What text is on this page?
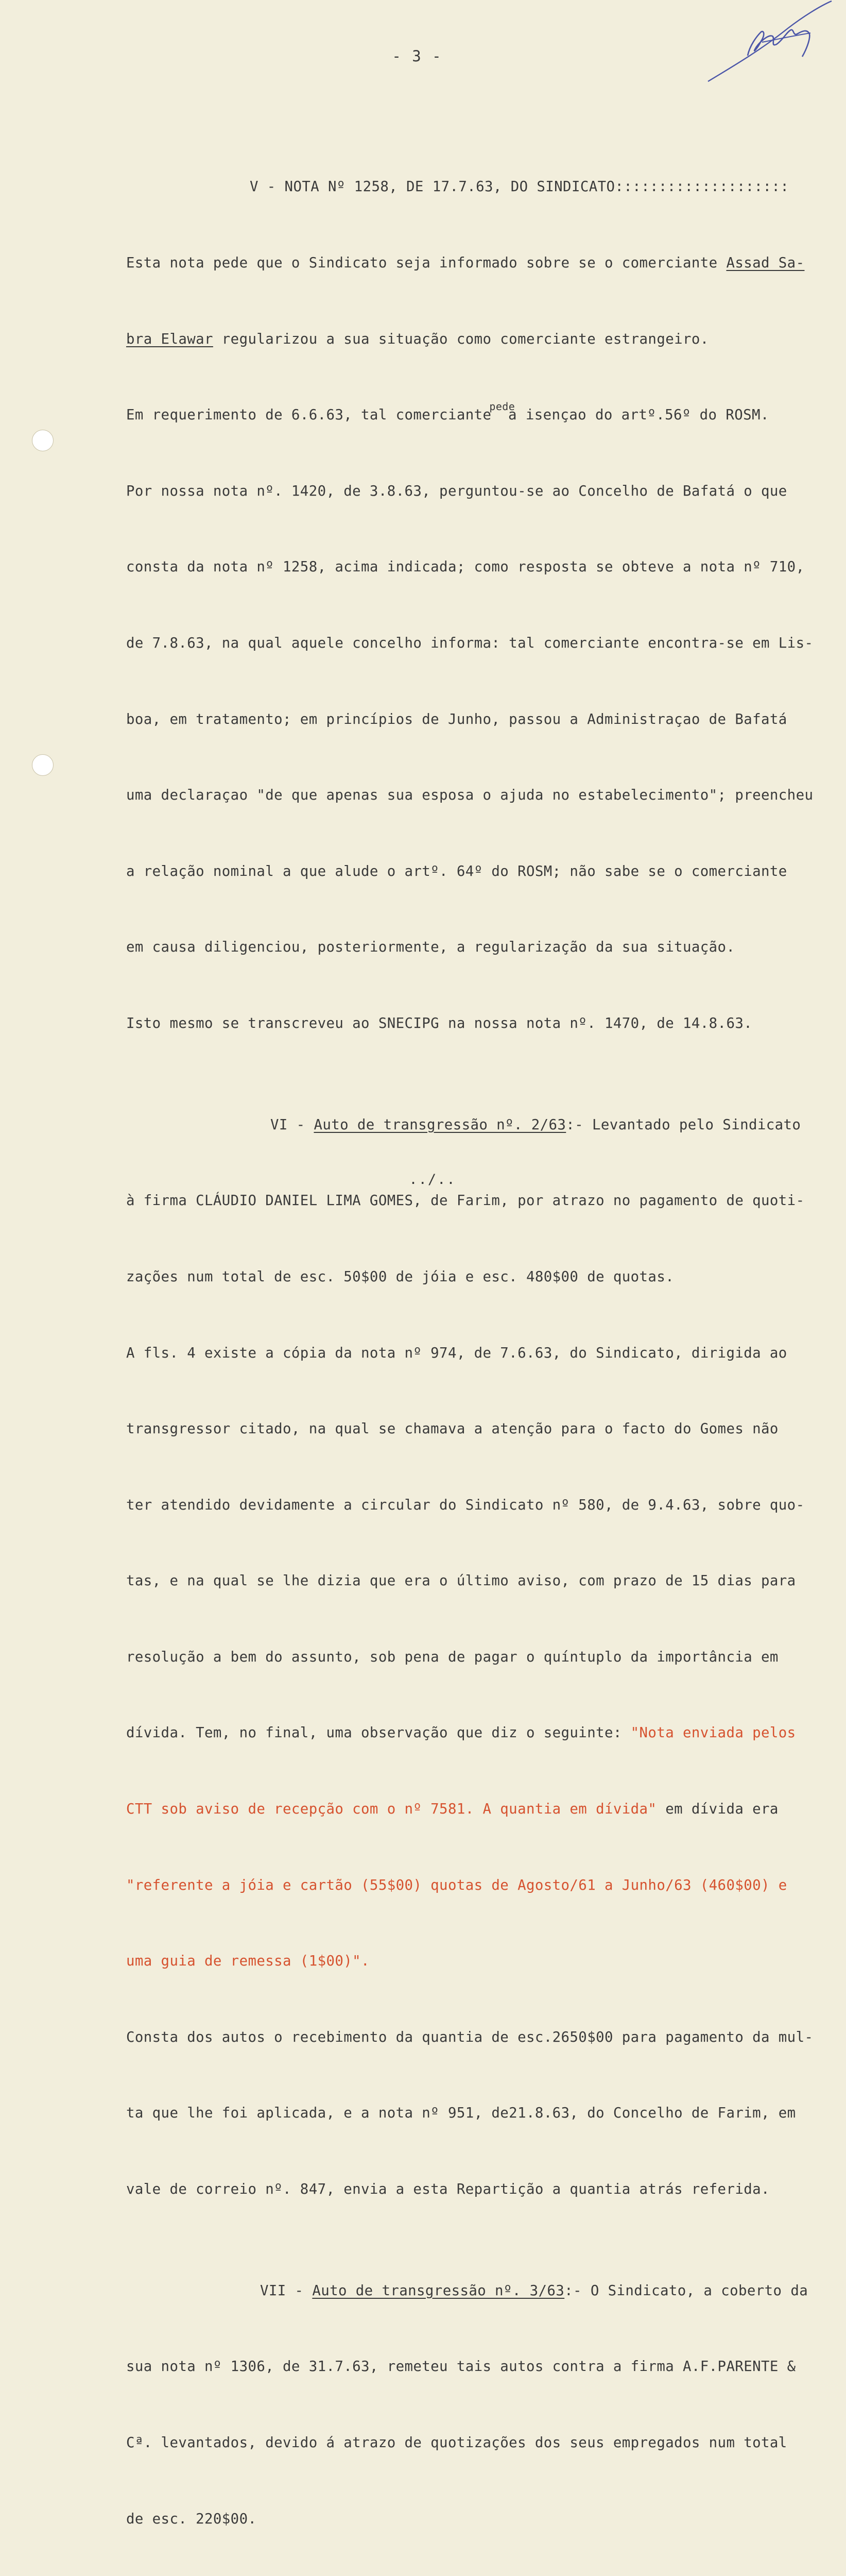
- 3 -

V - NOTA Nº 1258, DE 17.7.63, DO SINDICATO::::::::::::::::::::

Esta nota pede que o Sindicato seja informado sobre se o comerciante Assad Sa-

bra Elawar regularizou a sua situação como comerciante estrangeiro.

Em requerimento de 6.6.63, tal comerciante$^{pede}$ a isençao do artº.56º do ROSM.

Por nossa nota nº. 1420, de 3.8.63, perguntou-se ao Concelho de Bafatá o que

consta da nota nº 1258, acima indicada; como resposta se obteve a nota nº 710,

de 7.8.63, na qual aquele concelho informa: tal comerciante encontra-se em Lis-

boa, em tratamento; em princípios de Junho, passou a Administraçao de Bafatá

uma declaraçao "de que apenas sua esposa o ajuda no estabelecimento"; preencheu

a relação nominal a que alude o artº. 64º do ROSM; não sabe se o comerciante

em causa diligenciou, posteriormente, a regularização da sua situação.

Isto mesmo se transcreveu ao SNECIPG na nossa nota nº. 1470, de 14.8.63.

VI - Auto de transgressão nº. 2/63:- Levantado pelo Sindicato

à firma CLÁUDIO DANIEL LIMA GOMES, de Farim, por atrazo no pagamento de quoti-

zações num total de esc. 50$00 de jóia e esc. 480$00 de quotas.

A fls. 4 existe a cópia da nota nº 974, de 7.6.63, do Sindicato, dirigida ao

transgressor citado, na qual se chamava a atenção para o facto do Gomes não

ter atendido devidamente a circular do Sindicato nº 580, de 9.4.63, sobre quo-

tas, e na qual se lhe dizia que era o último aviso, com prazo de 15 dias para

resolução a bem do assunto, sob pena de pagar o quíntuplo da importância em

dívida. Tem, no final, uma observação que diz o seguinte: "Nota enviada pelos

CTT sob aviso de recepção com o nº 7581. A quantia em dívida" em dívida era

"referente a jóia e cartão (55$00) quotas de Agosto/61 a Junho/63 (460$00) e

uma guia de remessa (1$00)".

Consta dos autos o recebimento da quantia de esc.2650$00 para pagamento da mul-

ta que lhe foi aplicada, e a nota nº 951, de21.8.63, do Concelho de Farim, em

vale de correio nº. 847, envia a esta Repartição a quantia atrás referida.

VII - Auto de transgressão nº. 3/63:- O Sindicato, a coberto da

sua nota nº 1306, de 31.7.63, remeteu tais autos contra a firma A.F.PARENTE &

Cª. levantados, devido á atrazo de quotizações dos seus empregados num total

de esc. 220$00.

../..
